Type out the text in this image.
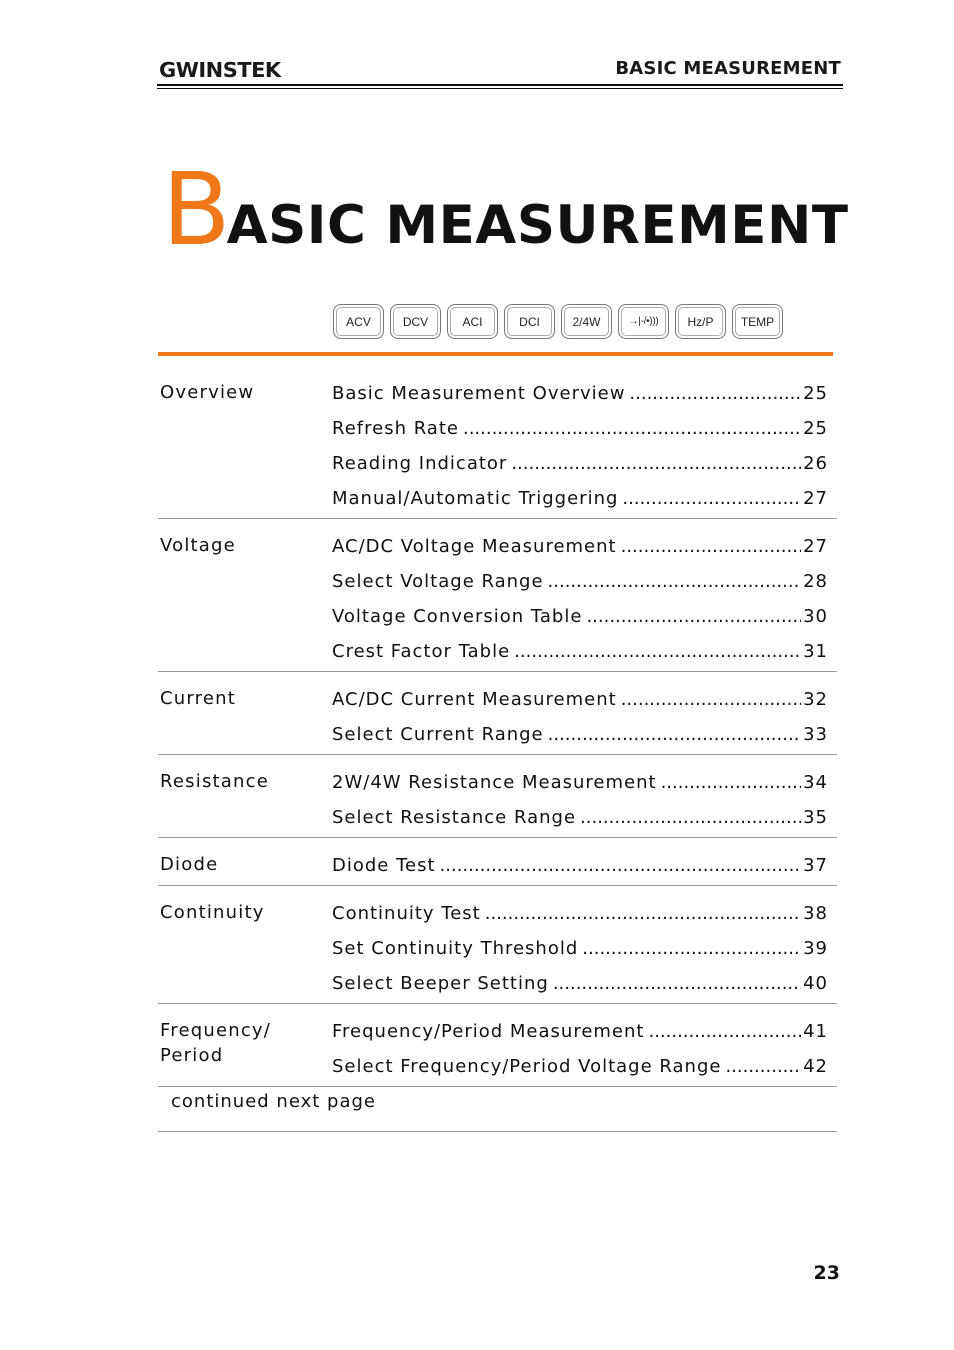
GWINSTEK	BASIC MEASUREMENT
BASIC MEASUREMENT
ACV	DCV	ACI	DCI	2/4W	→|-/•))) Hz/P TEMP
Overview	Basic Measurement Overview .....	25
Refresh Rate .....	25
Reading Indicator .....	26
Manual/Automatic Triggering .....	27
Voltage	AC/DC Voltage Measurement .....	27
Select Voltage Range .....	28
Voltage Conversion Table .....	30
Crest Factor Table .....	31
Current	AC/DC Current Measurement .....	32
Select Current Range .....	33
Resistance	2W/4W Resistance Measurement .....	34
Select Resistance Range .....	35
Diode	Diode Test .....	37
Continuity	Continuity Test .....	38
Set Continuity Threshold .....	39
Select Beeper Setting .....	40
Frequency/
Period
Frequency/Period Measurement .....	41
Select Frequency/Period Voltage Range .....	42
continued next page
23
